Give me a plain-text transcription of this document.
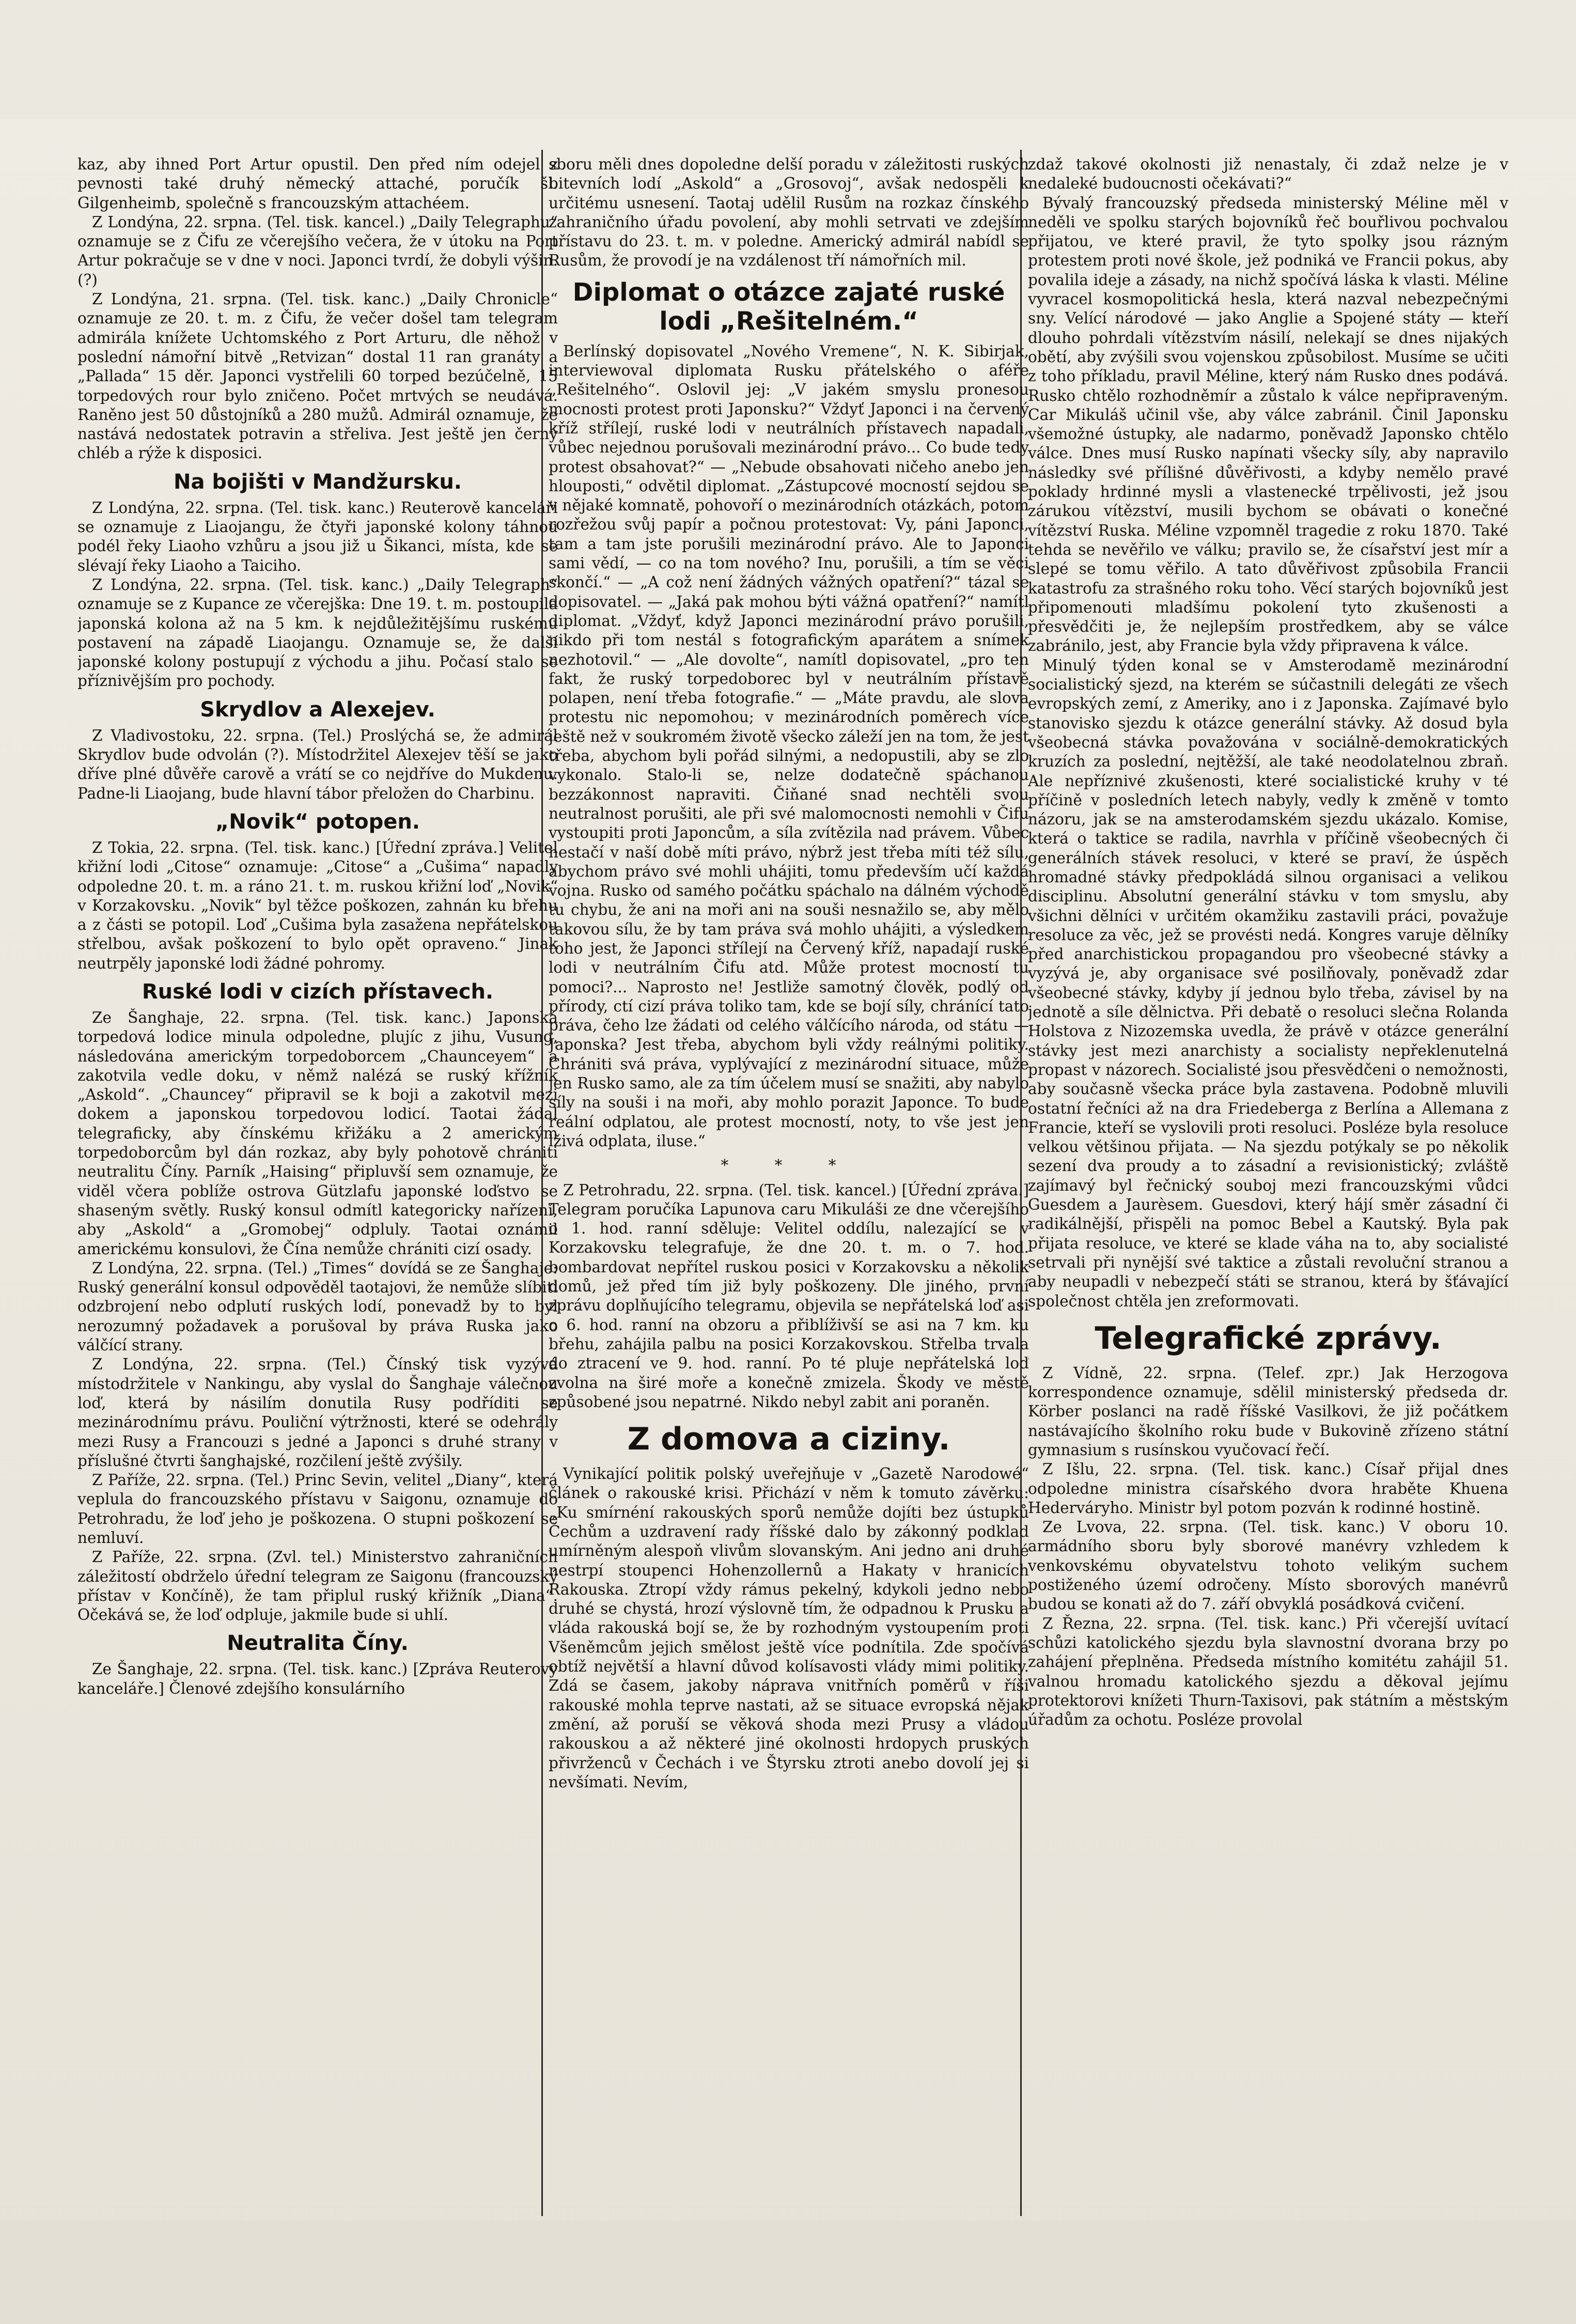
kaz, aby ihned Port Artur opustil. Den před ním odejel z pevnosti také druhý německý attaché, poručík šl. Gilgenheimb, společně s francouzským attachéem.

Z Londýna, 22. srpna. (Tel. tisk. kancel.) „Daily Telegraphu“ oznamuje se z Čifu ze včerejšího večera, že v útoku na Port Artur pokračuje se v dne v noci. Japonci tvrdí, že dobyli výšin. (?)

Z Londýna, 21. srpna. (Tel. tisk. kanc.) „Daily Chronicle“ oznamuje ze 20. t. m. z Čifu, že večer došel tam telegram admirála knížete Uchtomského z Port Arturu, dle něhož v poslední námořní bitvě „Retvizan“ dostal 11 ran granáty a „Pallada“ 15 děr. Japonci vystřelili 60 torped bezúčelně, 15 torpedových rour bylo zničeno. Počet mrtvých se neudává. Raněno jest 50 důstojníků a 280 mužů. Admirál oznamuje, že nastává nedostatek potravin a střeliva. Jest ještě jen černý chléb a rýže k disposici.

Na bojišti v Mandžursku.

Z Londýna, 22. srpna. (Tel. tisk. kanc.) Reuterově kanceláři se oznamuje z Liaojangu, že čtyři japonské kolony táhnou podél řeky Liaoho vzhůru a jsou již u Šikanci, místa, kde se slévají řeky Liaoho a Taiciho.

Z Londýna, 22. srpna. (Tel. tisk. kanc.) „Daily Telegraph“ oznamuje se z Kupance ze včerejška: Dne 19. t. m. postoupila japonská kolona až na 5 km. k nejdůležitějšímu ruskému postavení na západě Liaojangu. Oznamuje se, že další japonské kolony postupují z východu a jihu. Počasí stalo se příznivějším pro pochody.

Skrydlov a Alexejev.

Z Vladivostoku, 22. srpna. (Tel.) Proslýchá se, že admirál Skrydlov bude odvolán (?). Místodržitel Alexejev těší se jako dříve plné důvěře carově a vrátí se co nejdříve do Mukdenu. Padne-li Liaojang, bude hlavní tábor přeložen do Charbinu.

„Novik“ potopen.

Z Tokia, 22. srpna. (Tel. tisk. kanc.) [Úřední zpráva.] Velitel křižní lodi „Citose“ oznamuje: „Citose“ a „Cušima“ napadly odpoledne 20. t. m. a ráno 21. t. m. ruskou křižní loď „Novik“ v Korzakovsku. „Novik“ byl těžce poškozen, zahnán ku břehu a z části se potopil. Loď „Cušima byla zasažena nepřátelskou střelbou, avšak poškození to bylo opět opraveno.“ Jinak neutrpěly japonské lodi žádné pohromy.

Ruské lodi v cizích přístavech.

Ze Šanghaje, 22. srpna. (Tel. tisk. kanc.) Japonská torpedová lodice minula odpoledne, plujíc z jihu, Vusung, následována americkým torpedoborcem „Chaunceyem“ a zakotvila vedle doku, v němž nalézá se ruský křížník „Askold“. „Chauncey“ připravil se k boji a zakotvil mezi dokem a japonskou torpedovou lodicí. Taotai žádal telegraficky, aby čínskému křižáku a 2 americkým torpedoborcům byl dán rozkaz, aby byly pohotově chrániti neutralitu Číny. Parník „Haising“ připluvší sem oznamuje, že viděl včera poblíže ostrova Gützlafu japonské loďstvo se shaseným světly. Ruský konsul odmítl kategoricky nařízení, aby „Askold“ a „Gromobej“ odpluly. Taotai oznámil americkému konsulovi, že Čína nemůže chrániti cizí osady.

Z Londýna, 22. srpna. (Tel.) „Times“ dovídá se ze Šanghaje: Ruský generální konsul odpověděl taotajovi, že nemůže slíbiti odzbrojení nebo odplutí ruských lodí, ponevadž by to byl nerozumný požadavek a porušoval by práva Ruska jako válčící strany.

Z Londýna, 22. srpna. (Tel.) Čínský tisk vyzývá místodržitele v Nankingu, aby vyslal do Šanghaje válečnou loď, která by násilím donutila Rusy podříditi se mezinárodnímu právu. Pouliční výtržnosti, které se odehrály mezi Rusy a Francouzi s jedné a Japonci s druhé strany v příslušné čtvrti šanghajské, rozčilení ještě zvýšily.

Z Paříže, 22. srpna. (Tel.) Princ Sevin, velitel „Diany“, která veplula do francouzského přístavu v Saigonu, oznamuje do Petrohradu, že loď jeho je poškozena. O stupni poškození se nemluví.

Z Paříže, 22. srpna. (Zvl. tel.) Ministerstvo zahraničních záležitostí obdrželo úřední telegram ze Saigonu (francouzský přístav v Končíně), že tam připlul ruský křižník „Diana“. Očekává se, že loď odpluje, jakmile bude si uhlí.

Neutralita Číny.

Ze Šanghaje, 22. srpna. (Tel. tisk. kanc.) [Zpráva Reuterovy kanceláře.] Členové zdejšího konsulárního

sboru měli dnes dopoledne delší poradu v záležitosti ruských bitevních lodí „Askold“ a „Grosovoj“, avšak nedospěli k určitému usnesení. Taotaj udělil Rusům na rozkaz čínského zahraničního úřadu povolení, aby mohli setrvati ve zdejším přístavu do 23. t. m. v poledne. Americký admirál nabídl se Rusům, že provodí je na vzdálenost tří námořních mil.

Diplomat o otázce zajaté ruské lodi „Rešitelném.“

Berlínský dopisovatel „Nového Vremene“, N. K. Sibirjak, interviewoval diplomata Rusku přátelského o aféře „Rešitelného“. Oslovil jej: „V jakém smyslu pronesou mocnosti protest proti Japonsku?“ Vždyť Japonci i na červený kříž střílejí, ruské lodi v neutrálních přístavech napadali, vůbec nejednou porušovali mezinárodní právo... Co bude tedy protest obsahovat?“ — „Nebude obsahovati ničeho anebo jen hlouposti,“ odvětil diplomat. „Zástupcové mocností sejdou se v nějaké komnatě, pohovoří o mezinárodních otázkách, potom rozřežou svůj papír a počnou protestovat: Vy, páni Japonci, tam a tam jste porušili mezinárodní právo. Ale to Japonci sami vědí, — co na tom nového? Inu, porušili, a tím se věci skončí.“ — „A což není žádných vážných opatření?“ tázal se dopisovatel. — „Jaká pak mohou býti vážná opatření?“ namítl diplomat. „Vždyť, když Japonci mezinárodní právo porušili, nikdo při tom nestál s fotografickým aparátem a snímek nezhotovil.“ — „Ale dovolte“, namítl dopisovatel, „pro ten fakt, že ruský torpedoborec byl v neutrálním přístavě polapen, není třeba fotografie.“ — „Máte pravdu, ale slova protestu nic nepomohou; v mezinárodních poměrech více ještě než v soukromém životě všecko záleží jen na tom, že jest třeba, abychom byli pořád silnými, a nedopustili, aby se zlo vykonalo. Stalo-li se, nelze dodatečně spáchanou bezzákonnost napraviti. Čiňané snad nechtěli svou neutralnost porušiti, ale při své malomocnosti nemohli v Čifu vystoupiti proti Japoncům, a síla zvítězila nad právem. Vůbec nestačí v naší době míti právo, nýbrž jest třeba míti též sílu, abychom právo své mohli uhájiti, tomu především učí každá vojna. Rusko od samého počátku spáchalo na dálném východě tu chybu, že ani na moři ani na souši nesnažilo se, aby mělo takovou sílu, že by tam práva svá mohlo uhájiti, a výsledkem toho jest, že Japonci střílejí na Červený kříž, napadají ruské lodi v neutrálním Čifu atd. Může protest mocností tu pomoci?... Naprosto ne! Jestliže samotný člověk, podlý od přírody, ctí cizí práva toliko tam, kde se bojí síly, chránící tato práva, čeho lze žádati od celého válčícího národa, od státu — Japonska? Jest třeba, abychom byli vždy reálnými politiky. Chrániti svá práva, vyplývající z mezinárodní situace, může jen Rusko samo, ale za tím účelem musí se snažiti, aby nabylo síly na souši i na moři, aby mohlo porazit Japonce. To bude reální odplatou, ale protest mocností, noty, to vše jest jen lživá odplata, iluse.“

* * *

Z Petrohradu, 22. srpna. (Tel. tisk. kancel.) [Úřední zpráva.] Telegram poručíka Lapunova caru Mikuláši ze dne včerejšího o 1. hod. ranní sděluje: Velitel oddílu, nalezající se v Korzakovsku telegrafuje, že dne 20. t. m. o 7. hod. bombardovat nepřítel ruskou posici v Korzakovsku a několik domů, jež před tím již byly poškozeny. Dle jiného, první zprávu doplňujícího telegramu, objevila se nepřátelská loď asi o 6. hod. ranní na obzoru a přiblíživší se asi na 7 km. ku břehu, zahájila palbu na posici Korzakovskou. Střelba trvala do ztracení ve 9. hod. ranní. Po té pluje nepřátelská loď zvolna na širé moře a konečně zmizela. Škody ve městě způsobené jsou nepatrné. Nikdo nebyl zabit ani poraněn.

Z domova a ciziny.

Vynikající politik polský uveřejňuje v „Gazetě Narodowé“ článek o rakouské krisi. Přichází v něm k tomuto závěrku: „Ku smírnéní rakouských sporů nemůže dojíti bez ústupků Čechům a uzdravení rady říšské dalo by zákonný podklad umírněným alespoň vlivům slovanským. Ani jedno ani druhé nestrpí stoupenci Hohenzollernů a Hakaty v hranicích Rakouska. Ztropí vždy rámus pekelný, kdykoli jedno nebo druhé se chystá, hrozí výslovně tím, že odpadnou k Prusku a vláda rakouská bojí se, že by rozhodným vystoupením proti Všeněmcům jejich smělost ještě více podnítila. Zde spočívá obtíž největší a hlavní důvod kolísavosti vlády mimi politiky. Zdá se časem, jakoby náprava vnitřních poměrů v říši rakouské mohla teprve nastati, až se situace evropská nějak změní, až poruší se věková shoda mezi Prusy a vládou rakouskou a až některé jiné okolnosti hrdopych pruských přivrženců v Čechách i ve Štyrsku ztroti anebo dovolí jej si nevšímati. Nevím,

zdaž takové okolnosti již nenastaly, či zdaž nelze je v nedaleké budoucnosti očekávati?“

Bývalý francouzský předseda ministerský Méline měl v neděli ve spolku starých bojovníků řeč bouřlivou pochvalou přijatou, ve které pravil, že tyto spolky jsou rázným protestem proti nové škole, jež podniká ve Francii pokus, aby povalila ideje a zásady, na nichž spočívá láska k vlasti. Méline vyvracel kosmopolitická hesla, která nazval nebezpečnými sny. Velící národové — jako Anglie a Spojené státy — kteří dlouho pohrdali vítězstvím násilí, nelekají se dnes nijakých obětí, aby zvýšili svou vojenskou způsobilost. Musíme se učiti z toho příkladu, pravil Méline, který nám Rusko dnes podává. Rusko chtělo rozhodněmír a zůstalo k válce nepřipraveným. Car Mikuláš učinil vše, aby válce zabránil. Činil Japonsku všemožné ústupky, ale nadarmo, poněvadž Japonsko chtělo válce. Dnes musí Rusko napínati všecky síly, aby napravilo následky své přílišné důvěřivosti, a kdyby nemělo pravé poklady hrdinné mysli a vlastenecké trpělivosti, jež jsou zárukou vítězství, musili bychom se obávati o konečné vítězství Ruska. Méline vzpomněl tragedie z roku 1870. Také tehda se nevěřilo ve válku; pravilo se, že císařství jest mír a slepé se tomu věřilo. A tato důvěřivost způsobila Francii katastrofu za strašného roku toho. Věcí starých bojovníků jest připomenouti mladšímu pokolení tyto zkušenosti a přesvědčiti je, že nejlepším prostředkem, aby se válce zabránilo, jest, aby Francie byla vždy připravena k válce.

Minulý týden konal se v Amsterodamě mezinárodní socialistický sjezd, na kterém se súčastnili delegáti ze všech evropských zemí, z Ameriky, ano i z Japonska. Zajímavé bylo stanovisko sjezdu k otázce generální stávky. Až dosud byla všeobecná stávka považována v sociálně-demokratických kruzích za poslední, nejtěžší, ale také neodolatelnou zbraň. Ale nepříznivé zkušenosti, které socialistické kruhy v té příčině v posledních letech nabyly, vedly k změně v tomto názoru, jak se na amsterodamském sjezdu ukázalo. Komise, která o taktice se radila, navrhla v příčině všeobecných či generálních stávek resoluci, v které se praví, že úspěch hromadné stávky předpokládá silnou organisaci a velikou disciplinu. Absolutní generální stávku v tom smyslu, aby všichni dělníci v určitém okamžiku zastavili práci, považuje resoluce za věc, jež se provésti nedá. Kongres varuje dělníky před anarchistickou propagandou pro všeobecné stávky a vyzývá je, aby organisace své posilňovaly, poněvadž zdar všeobecné stávky, kdyby jí jednou bylo třeba, závisel by na jednotě a síle dělnictva. Při debatě o resoluci slečna Rolanda Holstova z Nizozemska uvedla, že právě v otázce generální stávky jest mezi anarchisty a socialisty nepřeklenutelná propast v názorech. Socialisté jsou přesvědčeni o nemožnosti, aby současně všecka práce byla zastavena. Podobně mluvili ostatní řečníci až na dra Friedeberga z Berlína a Allemana z Francie, kteří se vyslovili proti resoluci. Posléze byla resoluce velkou většinou přijata. — Na sjezdu potýkaly se po několik sezení dva proudy a to zásadní a revisionistický; zvláště zajímavý byl řečnický souboj mezi francouzskými vůdci Guesdem a Jaurèsem. Guesdovi, který hájí směr zásadní či radikálnější, přispěli na pomoc Bebel a Kautský. Byla pak přijata resoluce, ve které se klade váha na to, aby socialisté setrvali při nynější své taktice a zůstali revoluční stranou a aby neupadli v nebezpečí státi se stranou, která by šťávající společnost chtěla jen zreformovati.

Telegrafické zprávy.

Z Vídně, 22. srpna. (Telef. zpr.) Jak Herzogova korrespondence oznamuje, sdělil ministerský předseda dr. Körber poslanci na radě říšské Vasilkovi, že již počátkem nastávajícího školního roku bude v Bukovině zřízeno státní gymnasium s rusínskou vyučovací řečí.

Z Išlu, 22. srpna. (Tel. tisk. kanc.) Císař přijal dnes odpoledne ministra císařského dvora hraběte Khuena Hederváryho. Ministr byl potom pozván k rodinné hostině.

Ze Lvova, 22. srpna. (Tel. tisk. kanc.) V oboru 10. armádního sboru byly sborové manévry vzhledem k venkovskému obyvatelstvu tohoto velikým suchem postiženého území odročeny. Místo sborových manévrů budou se konati až do 7. září obvyklá posádková cvičení.

Z Řezna, 22. srpna. (Tel. tisk. kanc.) Při včerejší uvítací schůzi katolického sjezdu byla slavnostní dvorana brzy po zahájení přeplněna. Předseda místního komitétu zahájil 51. valnou hromadu katolického sjezdu a děkoval jejímu protektorovi knížeti Thurn-Taxisovi, pak státním a městským úřadům za ochotu. Posléze provolal
